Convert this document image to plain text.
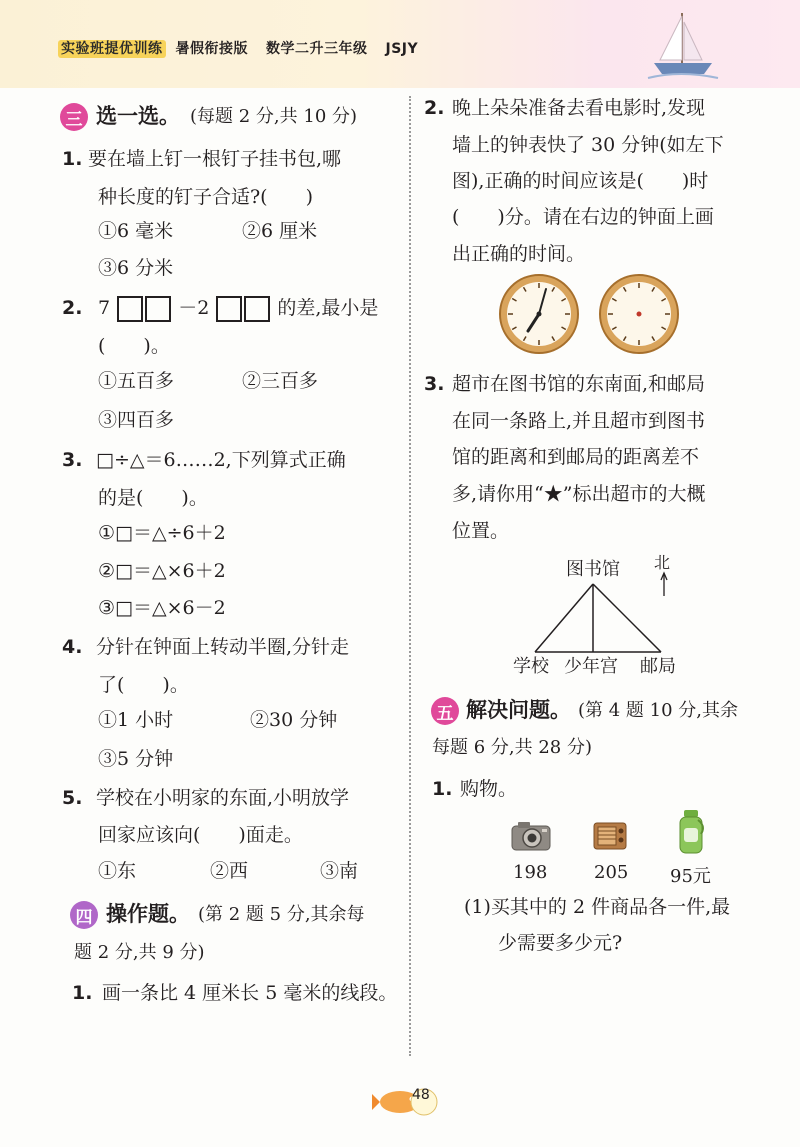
实验班提优训练 暑假衔接版 数学二升三年级 JSJY
三 选一选。 (每题 2 分,共 10 分)
1. 要在墙上钉一根钉子挂书包,哪
种长度的钉子合适?(　　)
①6 毫米	②6 厘米
③6 分米
2. 7	－2	的差,最小是
(　　)。
①五百多	②三百多
③四百多
3. □÷△＝6……2,下列算式正确
的是(　　)。
①□＝△÷6＋2
②□＝△×6＋2
③□＝△×6－2
4. 分针在钟面上转动半圈,分针走
了(　　)。
①1 小时	②30 分钟
③5 分钟
5. 学校在小明家的东面,小明放学
回家应该向(　　)面走。
①东	②西	③南
四 操作题。 (第 2 题 5 分,其余每
题 2 分,共 9 分)
1. 画一条比 4 厘米长 5 毫米的线段。
2. 晚上朵朵准备去看电影时,发现
墙上的钟表快了 30 分钟(如左下
图),正确的时间应该是(　　)时
(　　)分。请在右边的钟面上画
出正确的时间。
3. 超市在图书馆的东南面,和邮局
在同一条路上,并且超市到图书
馆的距离和到邮局的距离差不
多,请你用“★”标出超市的大概
位置。
图书馆 北
学校 少年宫 邮局
五 解决问题。 (第 4 题 10 分,其余
每题 6 分,共 28 分)
1. 购物。
198	205 95元
(1)买其中的 2 件商品各一件,最
少需要多少元?
48
